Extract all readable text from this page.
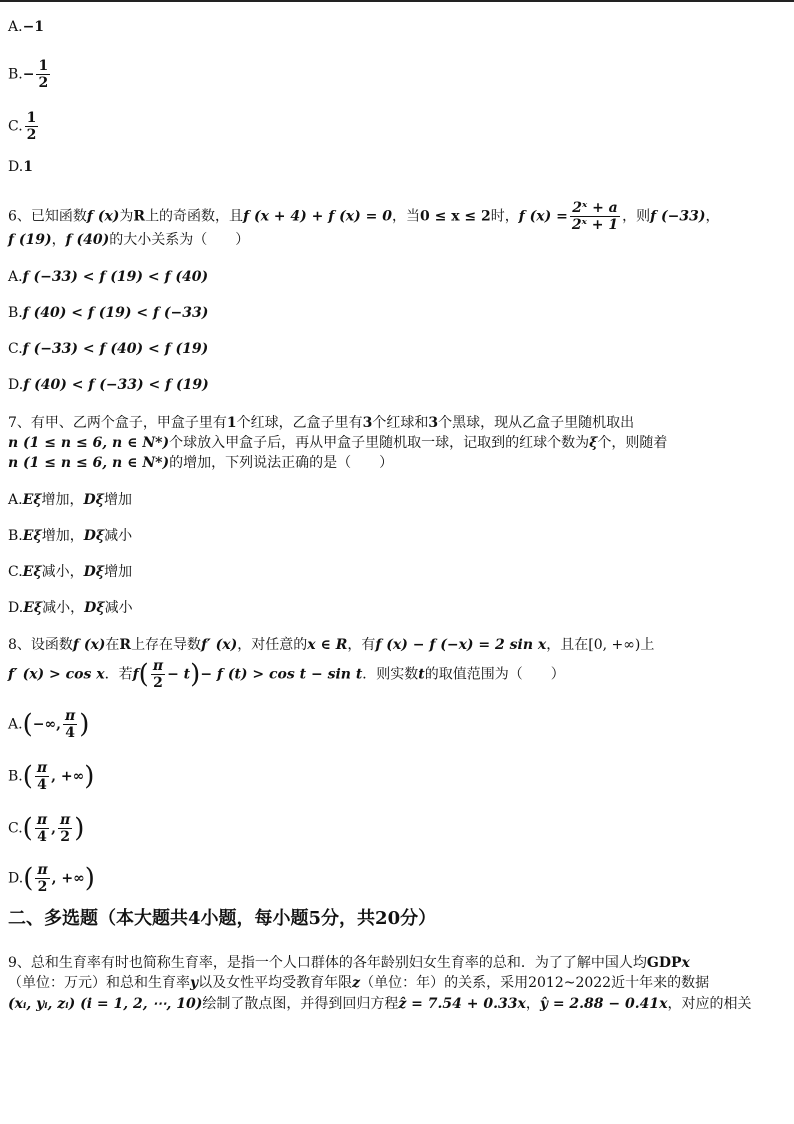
A.−1
$B.- \frac{1}{2}$
C. $\frac{1}{2}$
D.1
6、已知函数f (x)为R上的奇函数，且f (x + 4) + f (x) = 0，当0 ≤ x ≤ 2时，f $(x) = \frac{\text{2ˣ + a}}{\text{2ˣ + 1}}$ ，则f (−33)，
f (19)，f (40)的大小关系为（　　）
A.f (−33) < f (19) < f (40)
B.f (40) < f (19) < f (−33)
C.f (−33) < f (40) < f (19)
D.f (40) < f (−33) < f (19)
7、有甲、乙两个盒子，甲盒子里有1个红球，乙盒子里有3个红球和3个黑球，现从乙盒子里随机取出
n (1 ≤ n ≤ 6, n ∈ N*)个球放入甲盒子后，再从甲盒子里随机取一球，记取到的红球个数为ξ个，则随着
n (1 ≤ n ≤ 6, n ∈ N*)的增加，下列说法正确的是（　　）
A.Eξ增加，Dξ增加
B.Eξ增加，Dξ减小
C.Eξ减小，Dξ增加
D.Eξ减小，Dξ减小
8、设函数f (x)在R上存在导数f′ (x)，对任意的x ∈ R，有f (x) − f (−x) = 2 sin x，且在[0, +∞)上
f′ (x) > cos x．若$f( \frac{\pi}{2} - t)- f$ (t) > cos t − sin t．则实数t的取值范围为（　　）
A.(−∞, $\frac{\pi}{4}$ )
$B.( \frac{\pi}{4}$ , +∞)
$C.( \frac{\pi}{4}$ , $\frac{\pi}{2}$ )
$D.( \frac{\pi}{2}$ , +∞)
二、多选题（本大题共4小题，每小题5分，共20分）
9、总和生育率有时也简称生育率，是指一个人口群体的各年龄别妇女生育率的总和．为了了解中国人均GDPx
（单位：万元）和总和生育率y以及女性平均受教育年限z（单位：年）的关系，采用2012~2022近十年来的数据
(xᵢ, yᵢ, zᵢ) (i = 1, 2, ⋯, 10)绘制了散点图，并得到回归方程ẑ = 7.54 + 0.33x，ŷ = 2.88 − 0.41x，对应的相关
